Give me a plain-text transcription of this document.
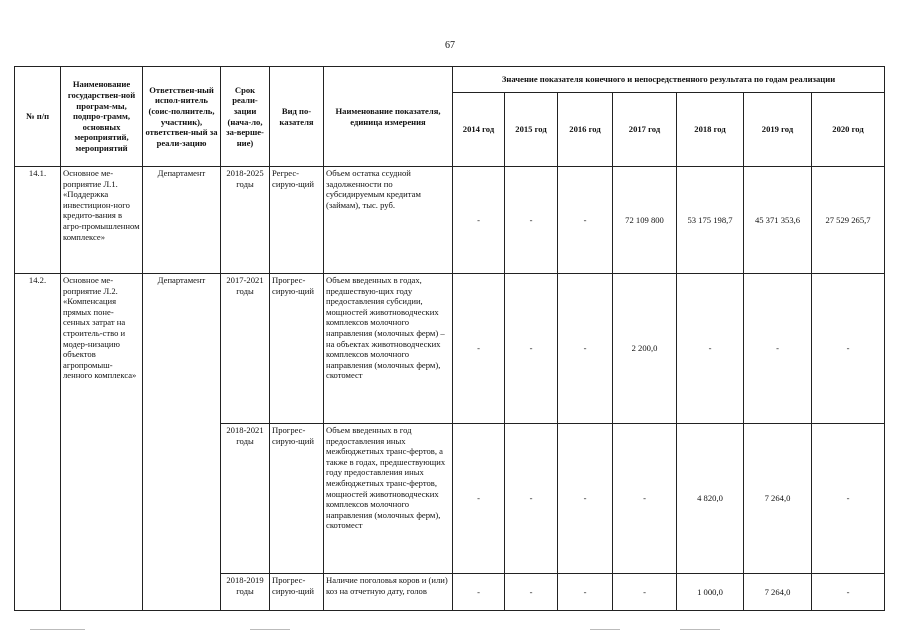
67
№ п/п	Наименование государствен-ной програм-мы, подпро-грамм, основных мероприятий, мероприятий	Ответствен-ный испол-нитель (соис-полнитель, участник), ответствен-ный за реали-зацию	Срок реали-зации (нача-ло, за-верше-ние)	Вид по-казателя	Наименование показателя, единица измерения	Значение показателя конечного и непосредственного результата по годам реализации						
						2014 год	2015 год	2016 год	2017 год	2018 год	2019 год	2020 год
14.1.	Основное ме-роприятие Л.1. «Поддержка инвестицион-ного кредито-вания в агро-промышленном комплексе»	Департамент	2018-2025 годы	Регрес-сирую-щий	Объем остатка ссудной задолженности по субсидируемым кредитам (займам), тыс. руб.	-	-	-	72 109 800	53 175 198,7	45 371 353,6	27 529 265,7
14.2.	Основное ме-роприятие Л.2. «Компенсация прямых поне-сенных затрат на строитель-ство и модер-низацию объектов агропромыш-ленного комплекса»	Департамент	2017-2021 годы	Прогрес-сирую-щий	Объем введенных в годах, предшествую-щих году предоставления субсидии, мощностей животноводческих комплексов молочного направления (молочных ферм) – на объектах животноводческих комплексов молочного направления (молочных ферм), скотомест	-	-	-	2 200,0	-	-	-
			2018-2021 годы	Прогрес-сирую-щий	Объем введенных в год предоставления иных межбюджетных транс-фертов, а также в годах, предшествующих году предоставления иных межбюджетных транс-фертов, мощностей животноводческих комплексов молочного направления (молочных ферм), скотомест	-	-	-	-	4 820,0	7 264,0	-
			2018-2019 годы	Прогрес-сирую-щий	Наличие поголовья коров и (или) коз на отчетную дату, голов	-	-	-	-	1 000,0	7 264,0	-
